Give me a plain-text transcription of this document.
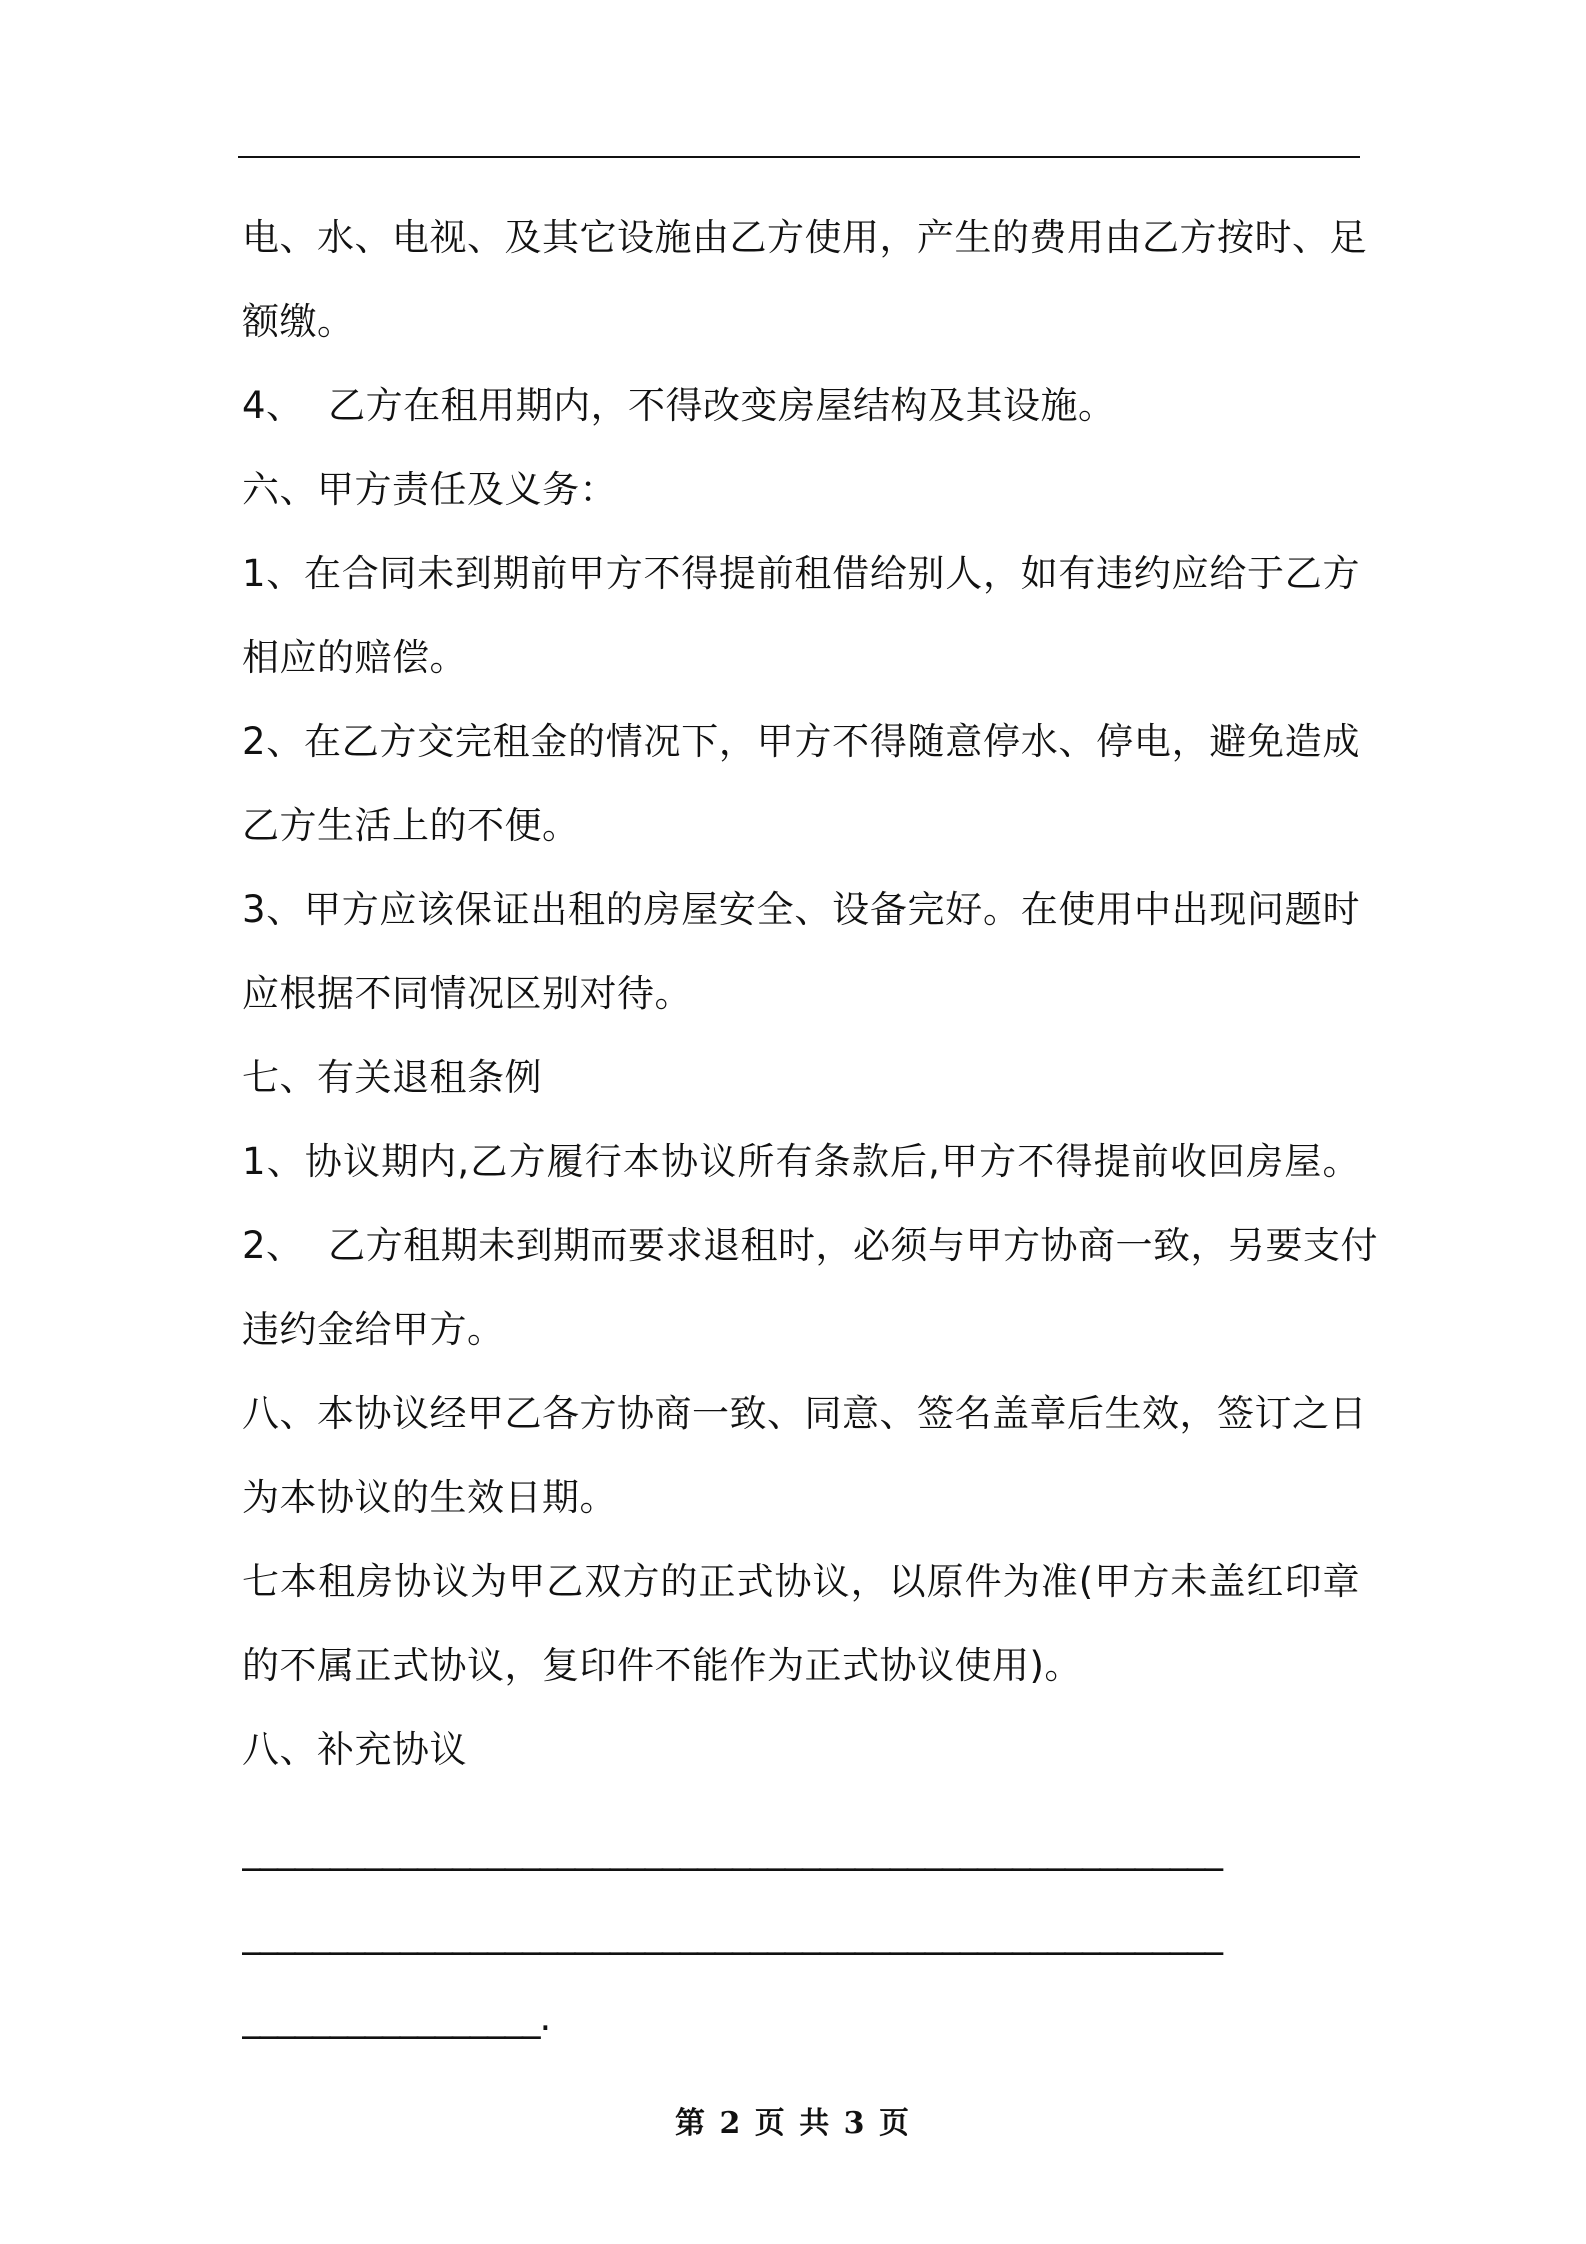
电、水、电视、及其它设施由乙方使用，产生的费用由乙方按时、足
额缴。
4、  乙方在租用期内，不得改变房屋结构及其设施。
六、甲方责任及义务：
1、在合同未到期前甲方不得提前租借给别人，如有违约应给于乙方
相应的赔偿。
2、在乙方交完租金的情况下，甲方不得随意停水、停电，避免造成
乙方生活上的不便。
3、甲方应该保证出租的房屋安全、设备完好。在使用中出现问题时
应根据不同情况区别对待。
七、有关退租条例
1、协议期内,乙方履行本协议所有条款后,甲方不得提前收回房屋。
2、  乙方租期未到期而要求退租时，必须与甲方协商一致，另要支付
违约金给甲方。
八、本协议经甲乙各方协商一致、同意、签名盖章后生效，签订之日
为本协议的生效日期。
七本租房协议为甲乙双方的正式协议，以原件为准(甲方未盖红印章
的不属正式协议，复印件不能作为正式协议使用)。
八、补充协议
________________________________________________________
________________________________________________________
_________________.
第 2 页 共 3 页
